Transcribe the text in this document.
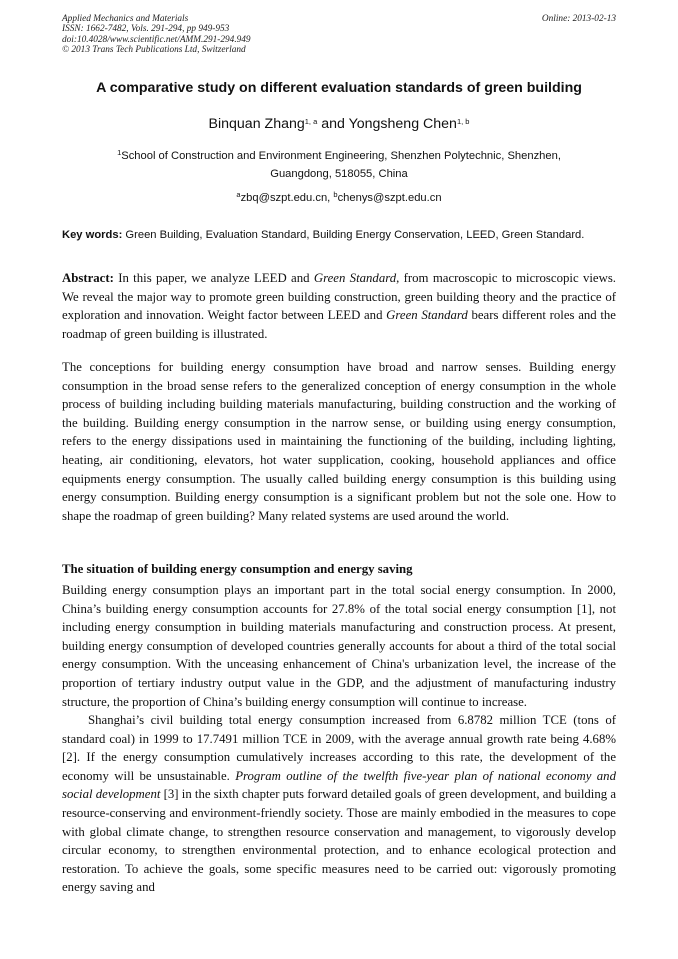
Applied Mechanics and Materials
ISSN: 1662-7482, Vols. 291-294, pp 949-953
doi:10.4028/www.scientific.net/AMM.291-294.949
© 2013 Trans Tech Publications Ltd, Switzerland
Online: 2013-02-13
A comparative study on different evaluation standards of green building
Binquan Zhang$^{1, a}$ and Yongsheng Chen$^{1, b}$
$^1$School of Construction and Environment Engineering, Shenzhen Polytechnic, Shenzhen, Guangdong, 518055, China
$^a$zbq@szpt.edu.cn, $^b$chenys@szpt.edu.cn
Key words: Green Building, Evaluation Standard, Building Energy Conservation, LEED, Green Standard.
Abstract: In this paper, we analyze LEED and Green Standard, from macroscopic to microscopic views. We reveal the major way to promote green building construction, green building theory and the practice of exploration and innovation. Weight factor between LEED and Green Standard bears different roles and the roadmap of green building is illustrated.
The conceptions for building energy consumption have broad and narrow senses. Building energy consumption in the broad sense refers to the generalized conception of energy consumption in the whole process of building including building materials manufacturing, building construction and the working of the building. Building energy consumption in the narrow sense, or building using energy consumption, refers to the energy dissipations used in maintaining the functioning of the building, including lighting, heating, air conditioning, elevators, hot water supplication, cooking, household appliances and office equipments energy consumption. The usually called building energy consumption is this building using energy consumption. Building energy consumption is a significant problem but not the sole one. How to shape the roadmap of green building? Many related systems are used around the world.
The situation of building energy consumption and energy saving
Building energy consumption plays an important part in the total social energy consumption. In 2000, China’s building energy consumption accounts for 27.8% of the total social energy consumption [1], not including energy consumption in building materials manufacturing and construction process. At present, building energy consumption of developed countries generally accounts for about a third of the total social energy consumption. With the unceasing enhancement of China's urbanization level, the increase of the proportion of tertiary industry output value in the GDP, and the adjustment of manufacturing industry structure, the proportion of China’s building energy consumption will continue to increase.
Shanghai’s civil building total energy consumption increased from 6.8782 million TCE (tons of standard coal) in 1999 to 17.7491 million TCE in 2009, with the average annual growth rate being 4.68% [2]. If the energy consumption cumulatively increases according to this rate, the development of the economy will be unsustainable. Program outline of the twelfth five-year plan of national economy and social development [3] in the sixth chapter puts forward detailed goals of green development, and building a resource-conserving and environment-friendly society. Those are mainly embodied in the measures to cope with global climate change, to strengthen resource conservation and management, to vigorously develop circular economy, to strengthen environmental protection, and to enhance ecological protection and restoration. To achieve the goals, some specific measures need to be carried out: vigorously promoting energy saving and
